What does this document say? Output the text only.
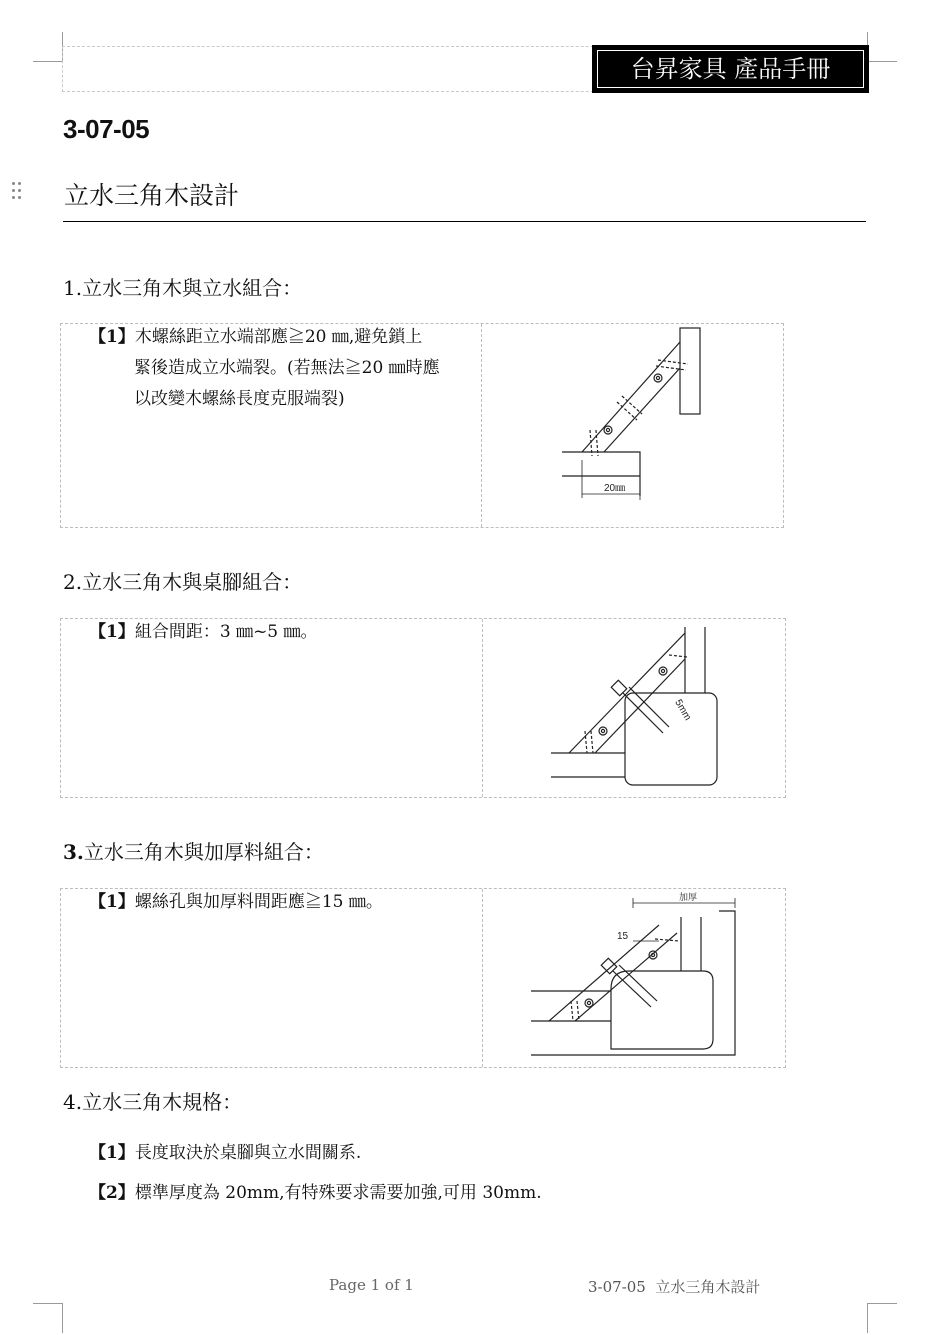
台昇家具 產品手冊
3-07-05
立水三角木設計
1.立水三角木與立水組合：
【1】木螺絲距立水端部應≧20 ㎜,避免鎖上
緊後造成立水端裂。(若無法≧20 ㎜時應
以改變木螺絲長度克服端裂)
20㎜
2.立水三角木與桌腳組合：
【1】組合間距：3 ㎜~5 ㎜。
5mm
3.立水三角木與加厚料組合：
【1】螺絲孔與加厚料間距應≧15 ㎜。	加厚
15
4.立水三角木規格：
【1】長度取決於桌腳與立水間關系.
【2】標準厚度為 20mm,有特殊要求需要加強,可用 30mm.
Page 1 of 1	3-07-05  立水三角木設計
